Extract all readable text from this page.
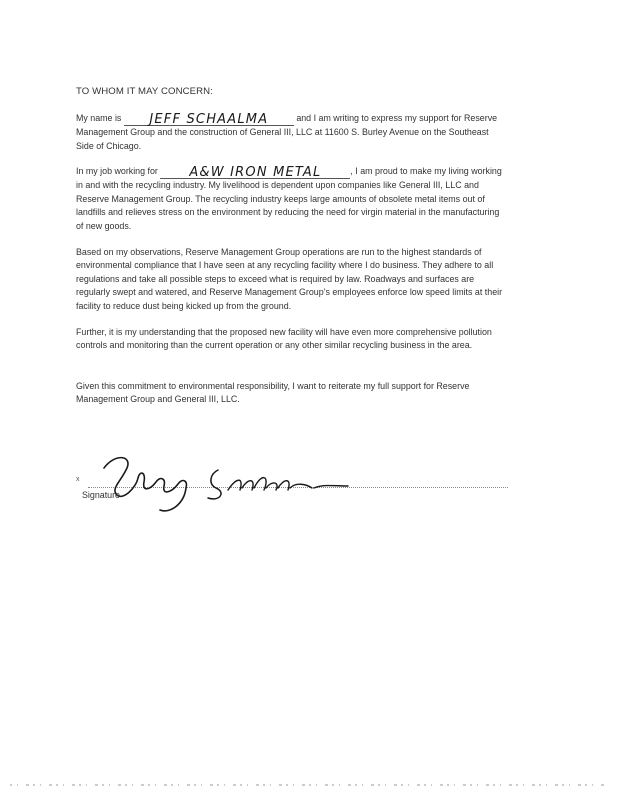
TO WHOM IT MAY CONCERN:
My name is JEFF SCHAALMA	and I am writing to express my support for Reserve Management Group and the construction of General III, LLC at 11600 S. Burley Avenue on the Southeast Side of Chicago.
In my job working for A&W IRON METAL	, I am proud to make my living working in and with the recycling industry. My livelihood is dependent upon companies like General III, LLC and Reserve Management Group. The recycling industry keeps large amounts of obsolete metal items out of landfills and relieves stress on the environment by reducing the need for virgin material in the manufacturing of new goods.
Based on my observations, Reserve Management Group operations are run to the highest standards of environmental compliance that I have seen at any recycling facility where I do business. They adhere to all regulations and take all possible steps to exceed what is required by law. Roadways and surfaces are regularly swept and watered, and Reserve Management Group’s employees enforce low speed limits at their facility to reduce dust being kicked up from the ground.
Further, it is my understanding that the proposed new facility will have even more comprehensive pollution controls and monitoring than the current operation or any other similar recycling business in the area.
Given this commitment to environmental responsibility, I want to reiterate my full support for Reserve Management Group and General III, LLC.
x
Signature
